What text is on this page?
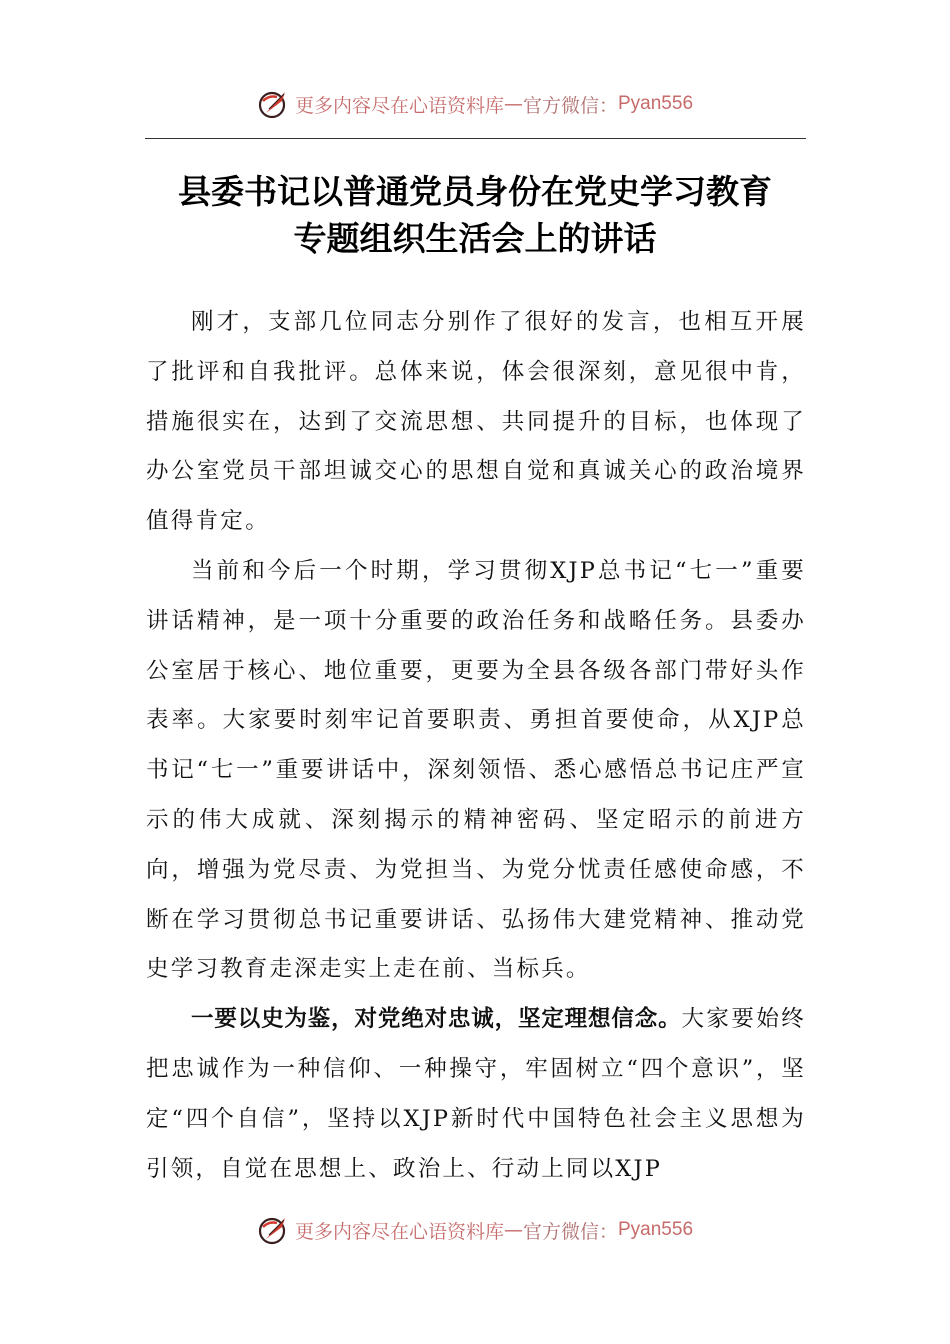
更多内容尽在心语资料库 — 官方微信： Pyan556
县委书记以普通党员身份在党史学习教育
专题组织生活会上的讲话

刚才，支部几位同志分别作了很好的发言，也相互开展了批评和自我批评。总体来说，体会很深刻，意见很中肯，措施很实在，达到了交流思想、共同提升的目标，也体现了办公室党员干部坦诚交心的思想自觉和真诚关心的政治境界值得肯定。

当前和今后一个时期，学习贯彻XJP总书记“七一”重要讲话精神，是一项十分重要的政治任务和战略任务。县委办公室居于核心、地位重要，更要为全县各级各部门带好头作表率。大家要时刻牢记首要职责、勇担首要使命，从XJP总书记“七一”重要讲话中，深刻领悟、悉心感悟总书记庄严宣示的伟大成就、深刻揭示的精神密码、坚定昭示的前进方向，增强为党尽责、为党担当、为党分忧责任感使命感，不断在学习贯彻总书记重要讲话、弘扬伟大建党精神、推动党史学习教育走深走实上走在前、当标兵。

一要以史为鉴，对党绝对忠诚，坚定理想信念。大家要始终把忠诚作为一种信仰、一种操守，牢固树立“四个意识”，坚定“四个自信”，坚持以XJP新时代中国特色社会主义思想为引领，自觉在思想上、政治上、行动上同以XJP

更多内容尽在心语资料库 — 官方微信： Pyan556
